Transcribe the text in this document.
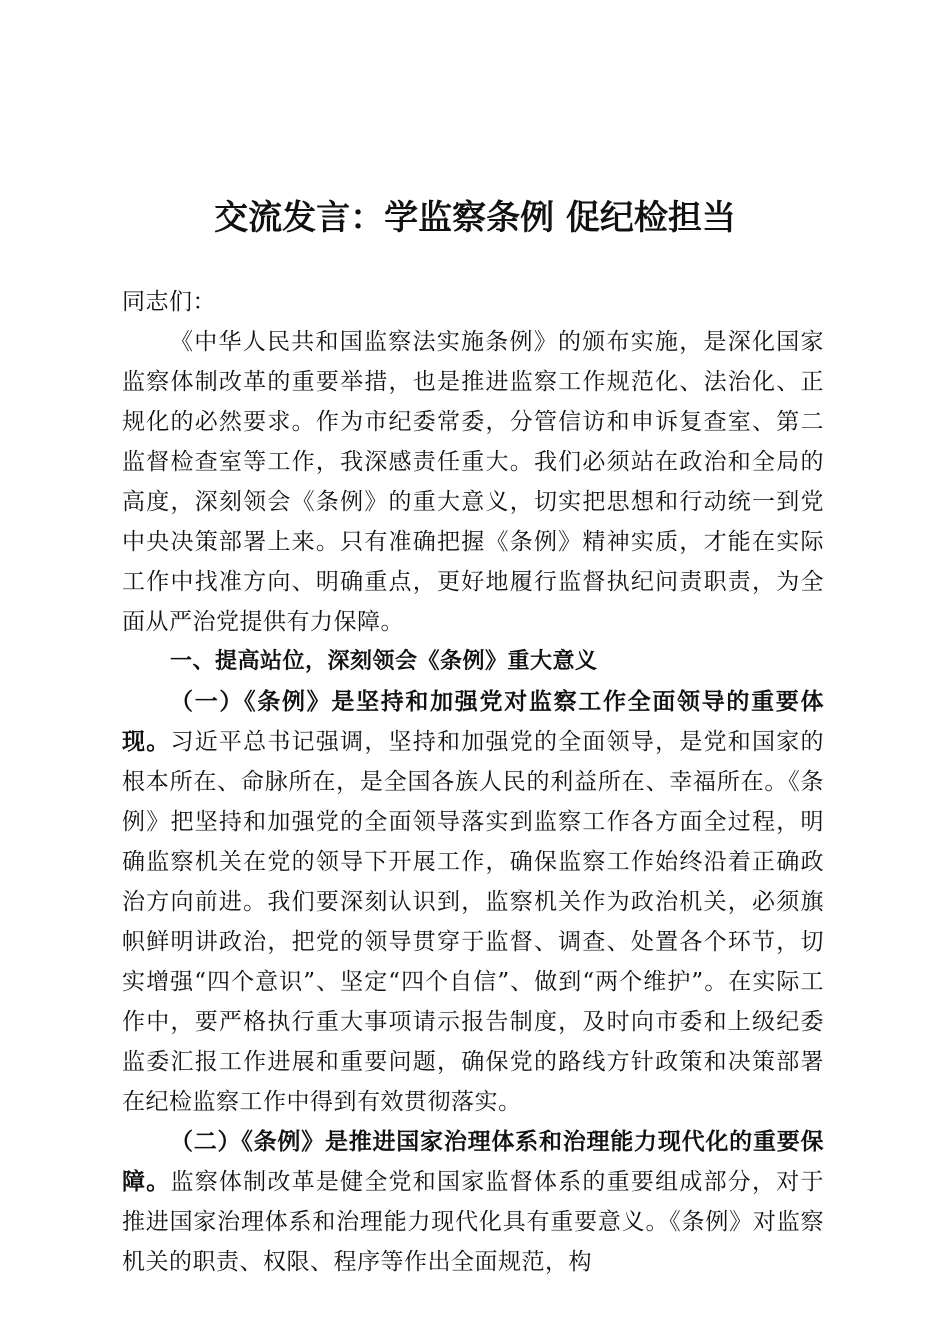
交流发言：学监察条例 促纪检担当

同志们：

《中华人民共和国监察法实施条例》的颁布实施，是深化国家监察体制改革的重要举措，也是推进监察工作规范化、法治化、正规化的必然要求。作为市纪委常委，分管信访和申诉复查室、第二监督检查室等工作，我深感责任重大。我们必须站在政治和全局的高度，深刻领会《条例》的重大意义，切实把思想和行动统一到党中央决策部署上来。只有准确把握《条例》精神实质，才能在实际工作中找准方向、明确重点，更好地履行监督执纪问责职责，为全面从严治党提供有力保障。

一、提高站位，深刻领会《条例》重大意义

（一）《条例》是坚持和加强党对监察工作全面领导的重要体现。习近平总书记强调，坚持和加强党的全面领导，是党和国家的根本所在、命脉所在，是全国各族人民的利益所在、幸福所在。《条例》把坚持和加强党的全面领导落实到监察工作各方面全过程，明确监察机关在党的领导下开展工作，确保监察工作始终沿着正确政治方向前进。我们要深刻认识到，监察机关作为政治机关，必须旗帜鲜明讲政治，把党的领导贯穿于监督、调查、处置各个环节，切实增强“四个意识”、坚定“四个自信”、做到“两个维护”。在实际工作中，要严格执行重大事项请示报告制度，及时向市委和上级纪委监委汇报工作进展和重要问题，确保党的路线方针政策和决策部署在纪检监察工作中得到有效贯彻落实。

（二）《条例》是推进国家治理体系和治理能力现代化的重要保障。监察体制改革是健全党和国家监督体系的重要组成部分，对于推进国家治理体系和治理能力现代化具有重要意义。《条例》对监察机关的职责、权限、程序等作出全面规范，构
